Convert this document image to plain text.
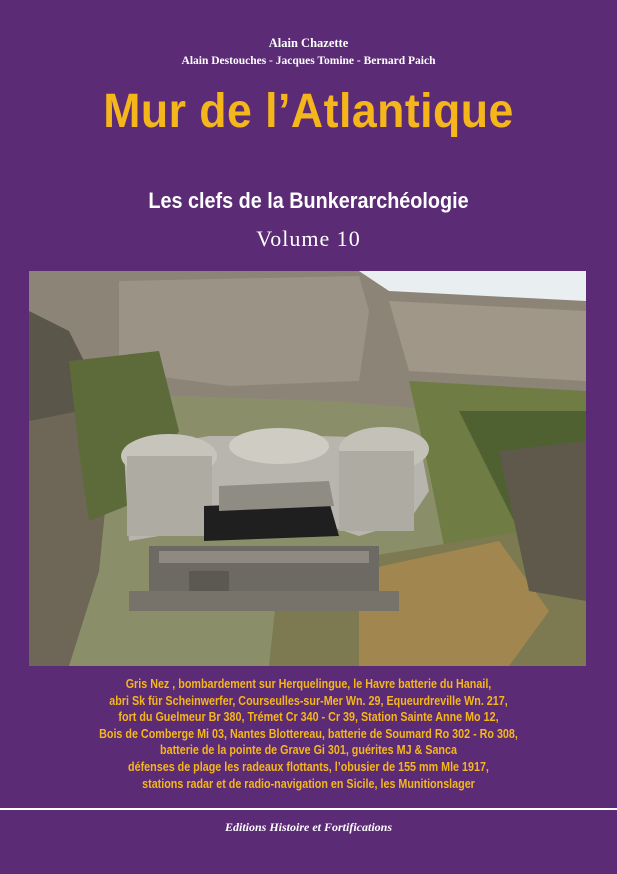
Alain Chazette
Alain Destouches - Jacques Tomine - Bernard Paich
Mur de l’Atlantique
Les clefs de la Bunkerarchéologie
Volume 10
Gris Nez , bombardement sur Herquelingue, le Havre batterie du Hanail,
abri Sk für Scheinwerfer, Courseulles-sur-Mer Wn. 29, Equeurdreville Wn. 217,
fort du Guelmeur Br 380, Trémet Cr 340 - Cr 39, Station Sainte Anne Mo 12,
Bois de Comberge Mi 03, Nantes Blottereau, batterie de Soumard Ro 302 - Ro 308,
batterie de la pointe de Grave Gi 301, guérites MJ & Sanca
défenses de plage les radeaux flottants, l’obusier de 155 mm Mle 1917,
stations radar et de radio-navigation en Sicile, les Munitionslager
Editions Histoire et Fortifications
